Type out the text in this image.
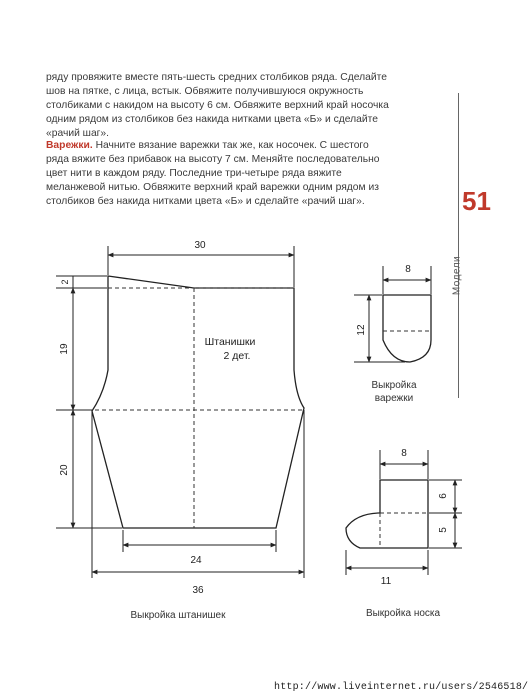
ряду провяжите вместе пять-шесть средних столбиков ряда. Сделайте шов на пятке, с лица, встык. Обвяжите получившуюся окружность столбиками с накидом на высоту 6 см. Обвяжите верхний край носочка одним рядом из столбиков без накида нитками цвета «Б» и сделайте «рачий шаг».

Варежки. Начните вязание варежки так же, как носочек. С шестого ряда вяжите без прибавок на высоту 7 см. Меняйте последовательно цвет нити в каждом ряду. Последние три-четыре ряда вяжите меланжевой нитью. Обвяжите верхний край варежки одним рядом из столбиков без накида нитками цвета «Б» и сделайте «рачий шаг».	51
Модели
Штанишки
2 дет.
30
2
19
20
24
36
Выкройка штанишек
8
12
Выкройка
варежки
8
6
5
11
Выкройка носка
http://www.liveinternet.ru/users/2546518/
